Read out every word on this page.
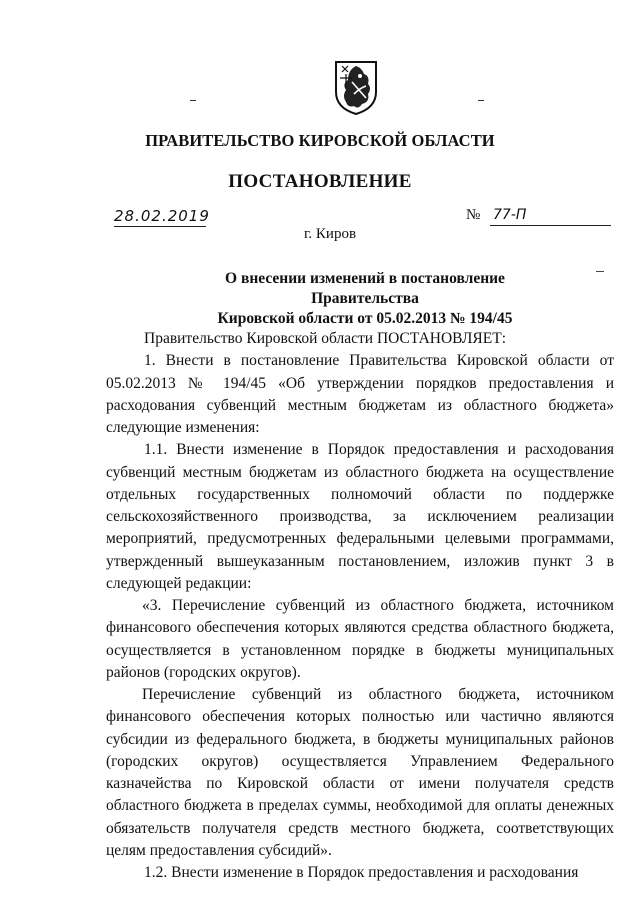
ПРАВИТЕЛЬСТВО КИРОВСКОЙ ОБЛАСТИ
ПОСТАНОВЛЕНИЕ
28.02.2019	№ 77-П
г. Киров
О внесении изменений в постановление Правительства
Кировской области от 05.02.2013 № 194/45

Правительство Кировской области ПОСТАНОВЛЯЕТ:

1. Внести в постановление Правительства Кировской области от 05.02.2013 № 194/45 «Об утверждении порядков предоставления и расходования субвенций местным бюджетам из областного бюджета» следующие изменения:

1.1. Внести изменение в Порядок предоставления и расходования субвенций местным бюджетам из областного бюджета на осуществление отдельных государственных полномочий области по поддержке сельскохозяйственного производства, за исключением реализации мероприятий, предусмотренных федеральными целевыми программами, утвержденный вышеуказанным постановлением, изложив пункт 3 в следующей редакции:

«3. Перечисление субвенций из областного бюджета, источником финансового обеспечения которых являются средства областного бюджета, осуществляется в установленном порядке в бюджеты муниципальных районов (городских округов).

Перечисление субвенций из областного бюджета, источником финансового обеспечения которых полностью или частично являются субсидии из федерального бюджета, в бюджеты муниципальных районов (городских округов) осуществляется Управлением Федерального казначейства по Кировской области от имени получателя средств областного бюджета в пределах суммы, необходимой для оплаты денежных обязательств получателя средств местного бюджета, соответствующих целям предоставления субсидий».

1.2. Внести изменение в Порядок предоставления и расходования
